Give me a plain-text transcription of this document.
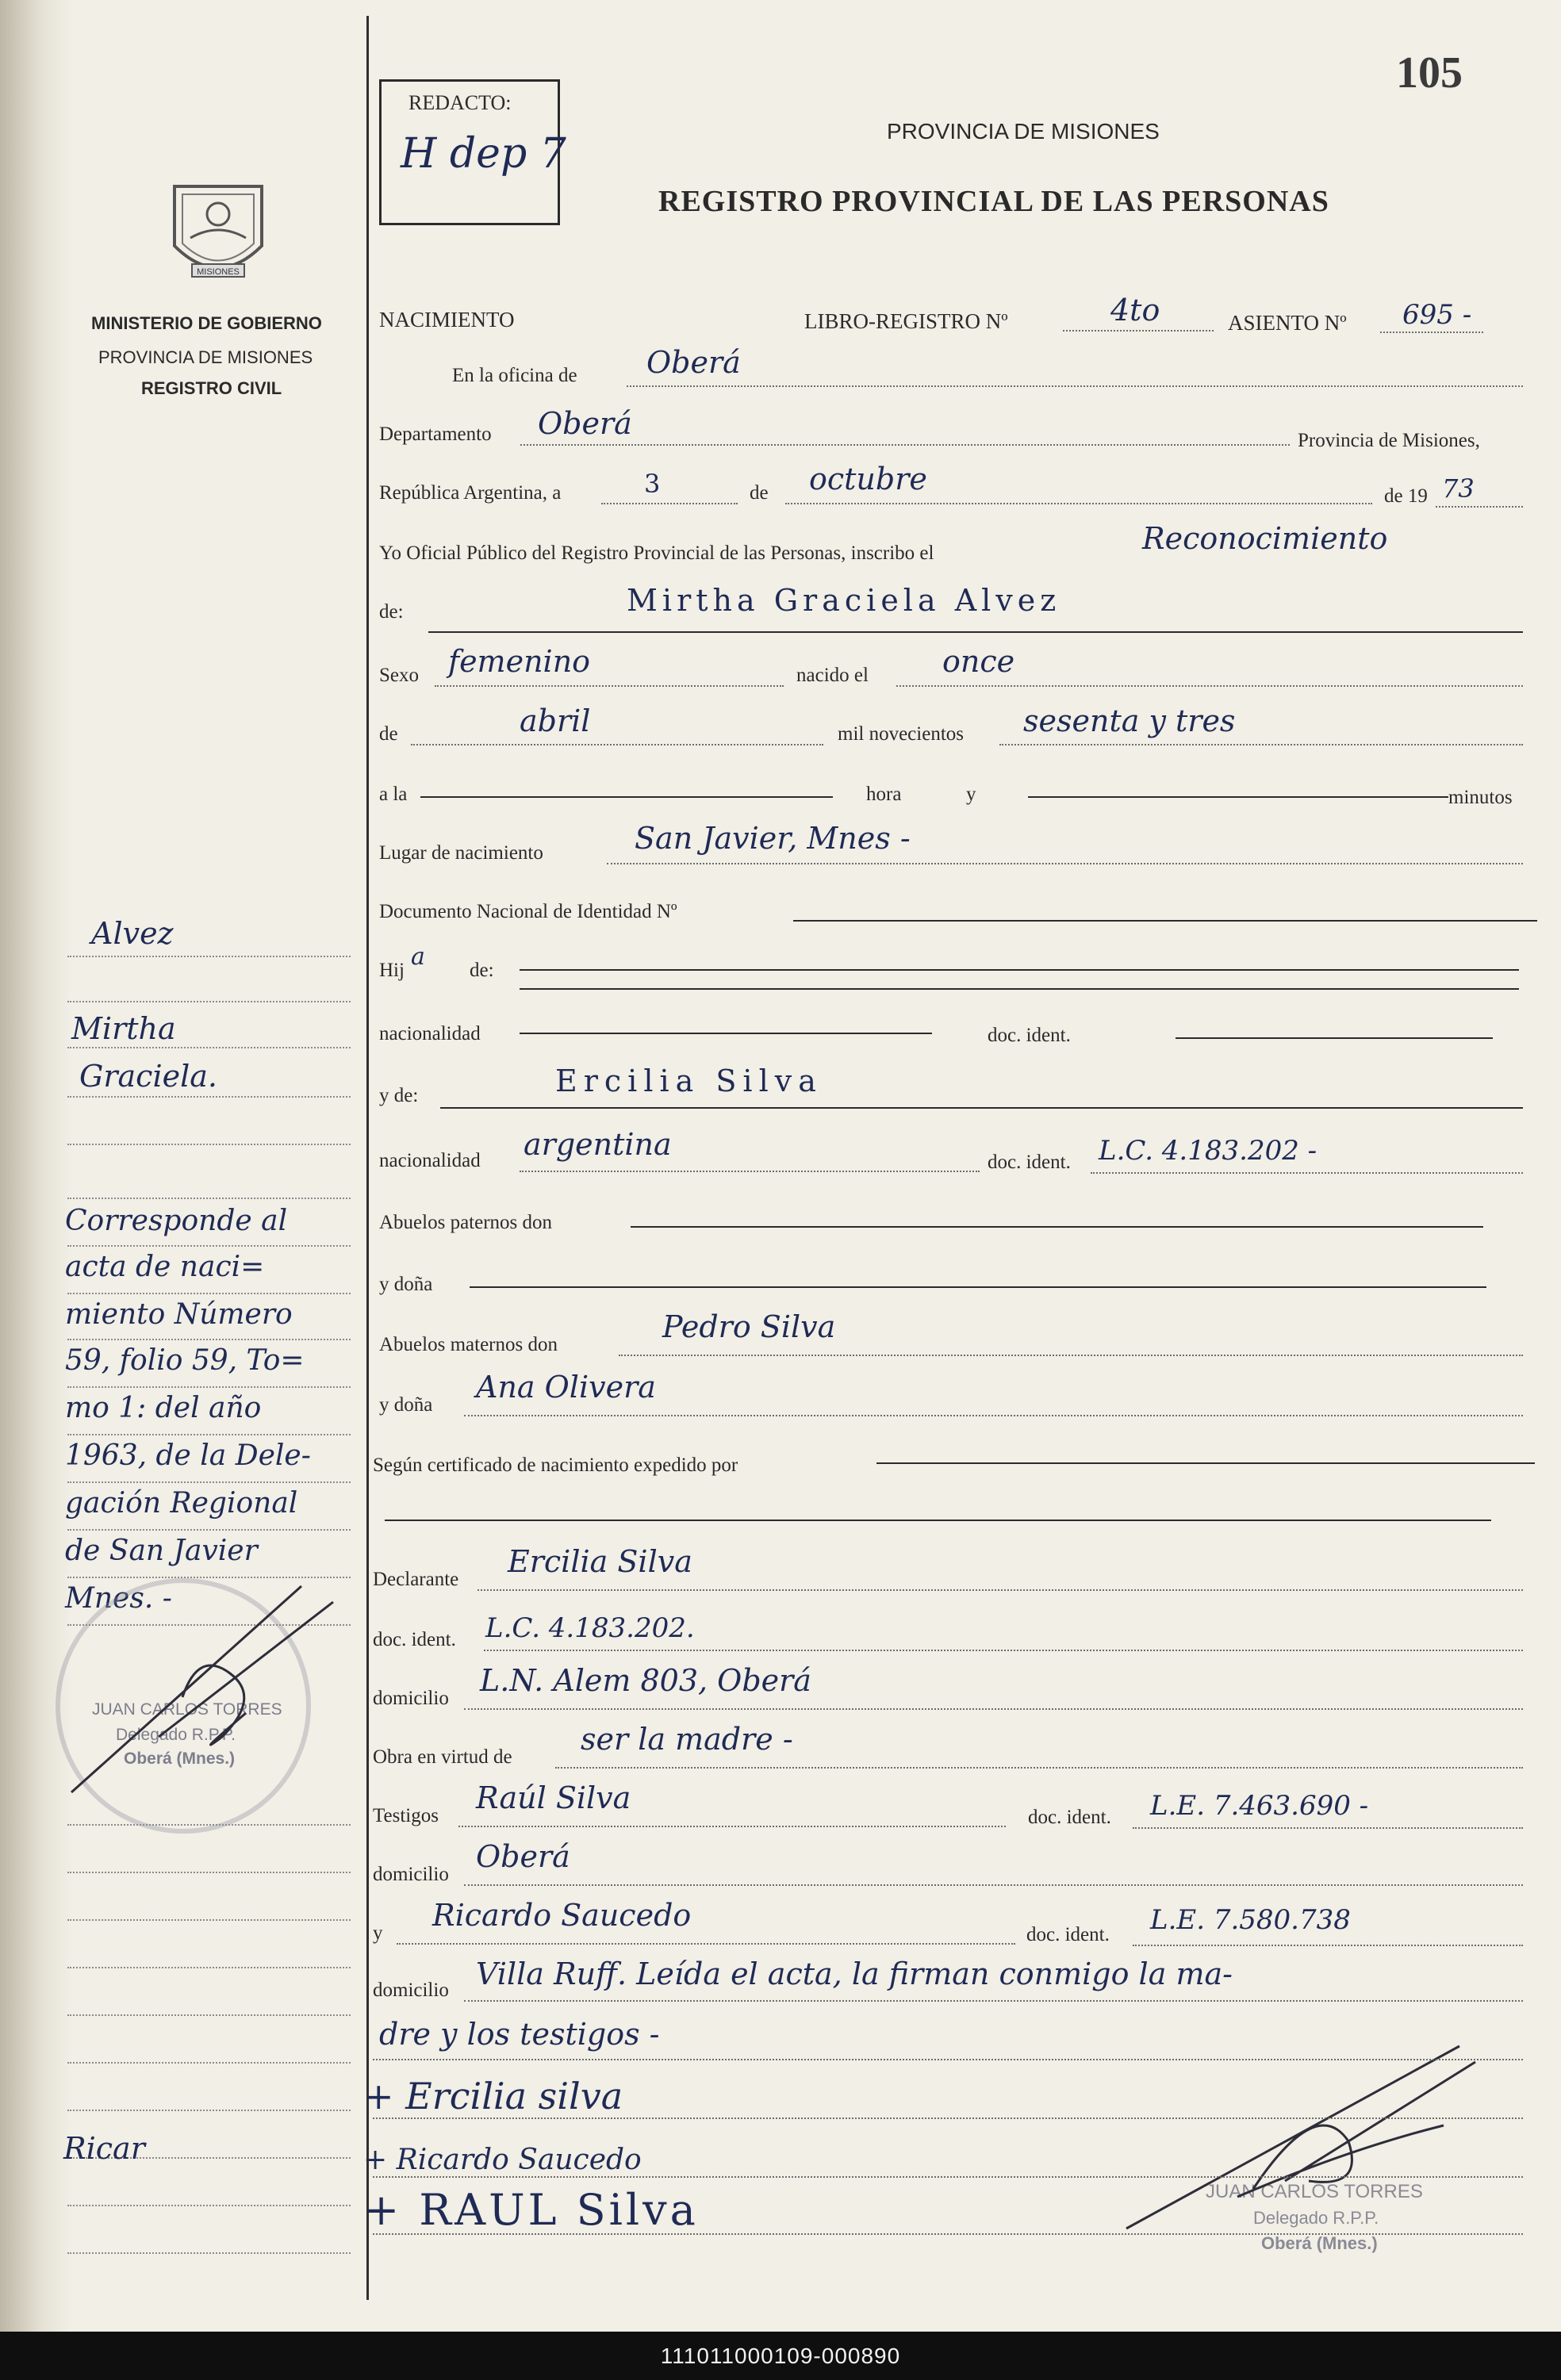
105
REDACTO:
H dep 7	PROVINCIA DE MISIONES
REGISTRO PROVINCIAL DE LAS PERSONAS
MISIONES
MINISTERIO DE GOBIERNO
PROVINCIA DE MISIONES
REGISTRO CIVIL
Alvez
Mirtha
Graciela.
Corresponde al
acta de naci=
miento Número
59, folio 59, To=
mo 1: del año
1963, de la Dele-
gación Regional
de San Javier
Mnes. -
Ricar
JUAN CARLOS TORRES
Delegado R.P.P.
Oberá (Mnes.)
JUAN CARLOS TORRES
Delegado R.P.P.
Oberá (Mnes.)
NACIMIENTO	LIBRO-REGISTRO Nº	4to	ASIENTO Nº 695 -
En la oficina de Oberá
Departamento Oberá	Provincia de Misiones,
República Argentina, a	3	de octubre	de 19 73
Yo Oficial Público del Registro Provincial de las Personas, inscribo el	Reconocimiento
de:	Mirtha Graciela Alvez
Sexo femenino	nacido el once
de	abril	mil novecientos sesenta y tres
a la	hora	y	minutos
Lugar de nacimiento	San Javier, Mnes -
Documento Nacional de Identidad Nº
Hij a de:
nacionalidad	doc. ident.
y de:	Ercilia Silva
nacionalidad argentina
doc. ident. L.C. 4.183.202 -
Abuelos paternos don
y doña
Abuelos maternos don
Pedro Silva
y doña
Ana Olivera
Según certificado de nacimiento expedido por
Declarante
Ercilia Silva
doc. ident. L.C. 4.183.202.
domicilio
L.N. Alem 803, Oberá
Obra en virtud de
ser la madre -
Testigos
Raúl Silva
doc. ident. L.E. 7.463.690 -
domicilio
Oberá
y
Ricardo Saucedo
doc. ident. L.E. 7.580.738
domicilio Villa Ruff. Leída el acta, la firman conmigo la ma-
dre y los testigos -
+ Ercilia silva
+ Ricardo Saucedo
+ RAUL Silva
111011000109-000890
